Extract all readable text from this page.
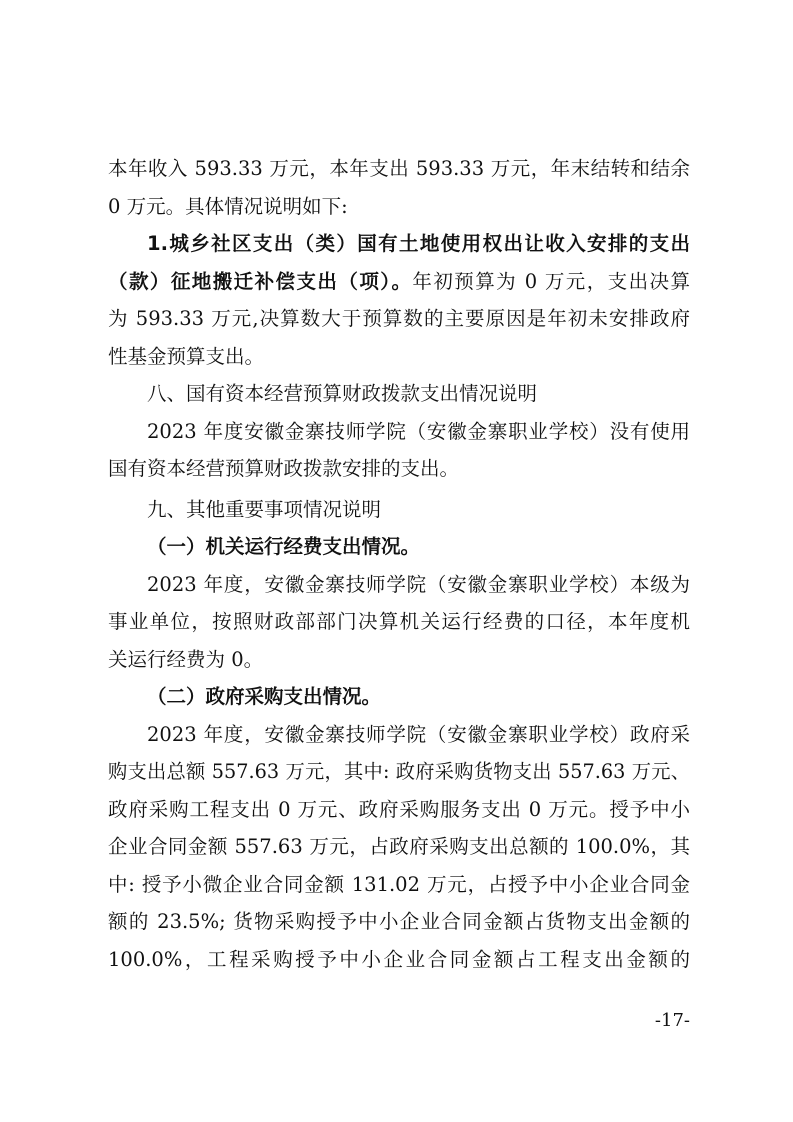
本年收入 593.33 万元，本年支出 593.33 万元，年末结转和结余
0 万元。具体情况说明如下:
1.城乡社区支出（类）国有土地使用权出让收入安排的支出
（款）征地搬迁补偿支出（项）。年初预算为 0 万元，支出决算
为 593.33 万元,决算数大于预算数的主要原因是年初未安排政府
性基金预算支出。
八、国有资本经营预算财政拨款支出情况说明
2023 年度安徽金寨技师学院（安徽金寨职业学校）没有使用
国有资本经营预算财政拨款安排的支出。
九、其他重要事项情况说明
（一）机关运行经费支出情况。
2023 年度，安徽金寨技师学院（安徽金寨职业学校）本级为
事业单位，按照财政部部门决算机关运行经费的口径，本年度机
关运行经费为 0。
（二）政府采购支出情况。
2023 年度，安徽金寨技师学院（安徽金寨职业学校）政府采
购支出总额 557.63 万元，其中: 政府采购货物支出 557.63 万元、
政府采购工程支出 0 万元、政府采购服务支出 0 万元。授予中小
企业合同金额 557.63 万元，占政府采购支出总额的 100.0%，其
中: 授予小微企业合同金额 131.02 万元，占授予中小企业合同金
额的 23.5%; 货物采购授予中小企业合同金额占货物支出金额的
100.0%，工程采购授予中小企业合同金额占工程支出金额的
-17-
